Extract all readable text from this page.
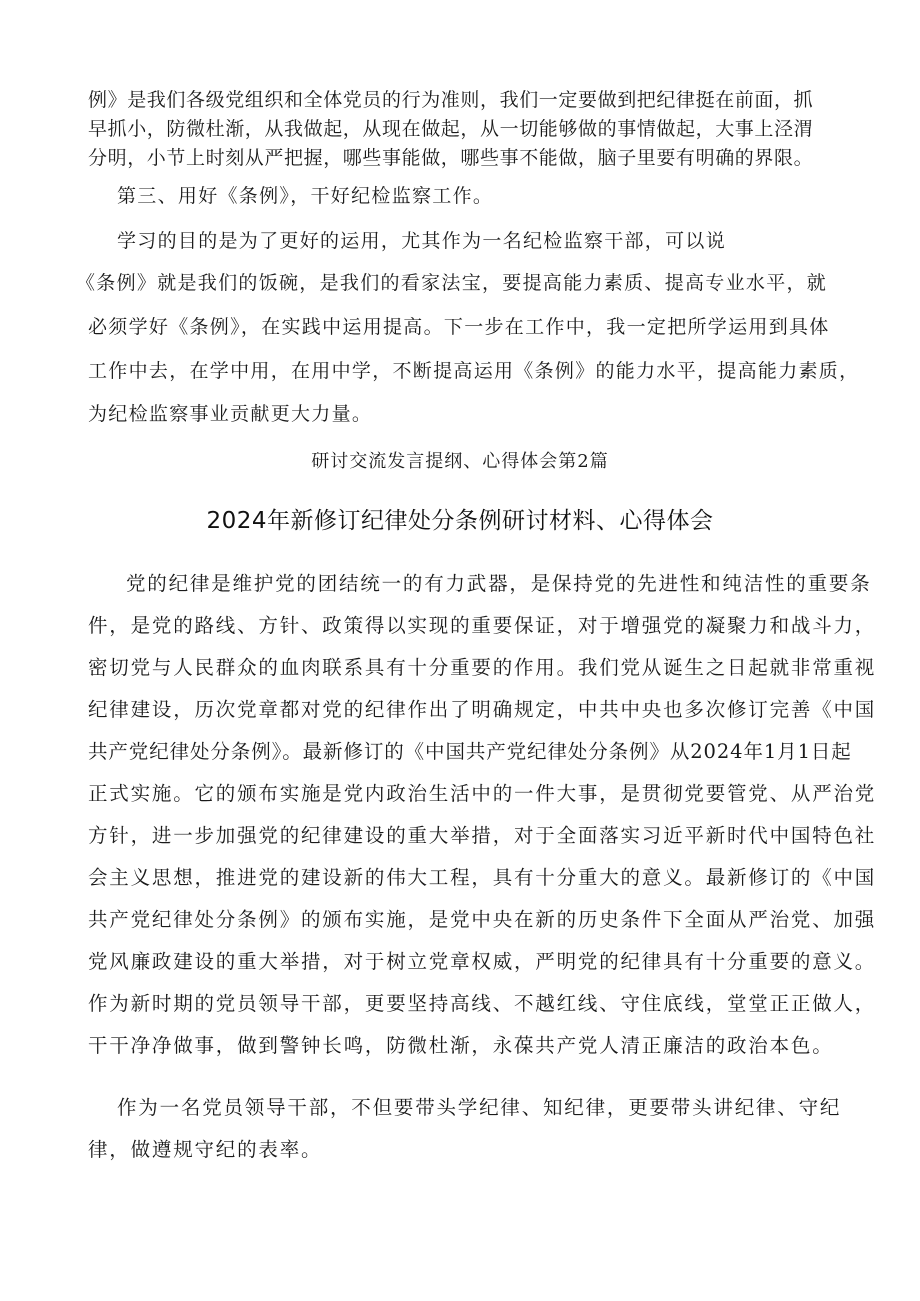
例》是我们各级党组织和全体党员的行为准则，我们一定要做到把纪律挺在前面，抓
早抓小，防微杜渐，从我做起，从现在做起，从一切能够做的事情做起，大事上泾渭
分明，小节上时刻从严把握，哪些事能做，哪些事不能做，脑子里要有明确的界限。
第三、用好《条例》，干好纪检监察工作。
学习的目的是为了更好的运用，尤其作为一名纪检监察干部，可以说
《条例》就是我们的饭碗，是我们的看家法宝，要提高能力素质、提高专业水平，就
必须学好《条例》，在实践中运用提高。下一步在工作中，我一定把所学运用到具体
工作中去，在学中用，在用中学，不断提高运用《条例》的能力水平，提高能力素质，
为纪检监察事业贡献更大力量。
研讨交流发言提纲、心得体会第2篇
2024年新修订纪律处分条例研讨材料、心得体会
党的纪律是维护党的团结统一的有力武器，是保持党的先进性和纯洁性的重要条
件，是党的路线、方针、政策得以实现的重要保证，对于增强党的凝聚力和战斗力，
密切党与人民群众的血肉联系具有十分重要的作用。我们党从诞生之日起就非常重视
纪律建设，历次党章都对党的纪律作出了明确规定，中共中央也多次修订完善《中国
共产党纪律处分条例》。最新修订的《中国共产党纪律处分条例》从2024年1月1日起
正式实施。它的颁布实施是党内政治生活中的一件大事，是贯彻党要管党、从严治党
方针，进一步加强党的纪律建设的重大举措，对于全面落实习近平新时代中国特色社
会主义思想，推进党的建设新的伟大工程，具有十分重大的意义。最新修订的《中国
共产党纪律处分条例》的颁布实施，是党中央在新的历史条件下全面从严治党、加强
党风廉政建设的重大举措，对于树立党章权威，严明党的纪律具有十分重要的意义。
作为新时期的党员领导干部，更要坚持高线、不越红线、守住底线，堂堂正正做人，
干干净净做事，做到警钟长鸣，防微杜渐，永葆共产党人清正廉洁的政治本色。
作为一名党员领导干部，不但要带头学纪律、知纪律，更要带头讲纪律、守纪
律，做遵规守纪的表率。
